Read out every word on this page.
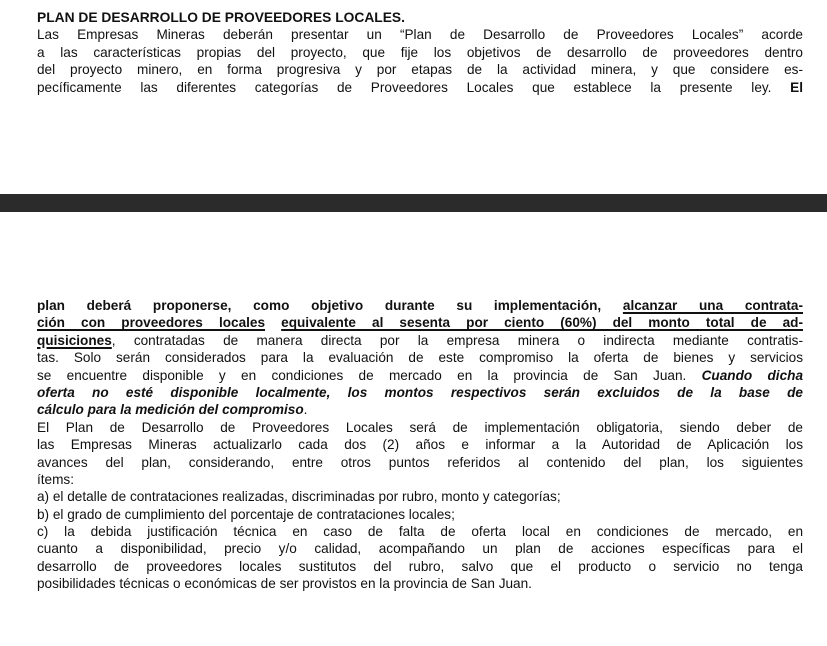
PLAN DE DESARROLLO DE PROVEEDORES LOCALES.
Las Empresas Mineras deberán presentar un “Plan de Desarrollo de Proveedores Locales” acorde
a las características propias del proyecto, que fije los objetivos de desarrollo de proveedores dentro
del proyecto minero, en forma progresiva y por etapas de la actividad minera, y que considere es-
pecíficamente las diferentes categorías de Proveedores Locales que establece la presente ley. El
plan deberá proponerse, como objetivo durante su implementación, alcanzar una contrata-
ción con proveedores locales equivalente al sesenta por ciento (60%) del monto total de ad-
quisiciones, contratadas de manera directa por la empresa minera o indirecta mediante contratis-
tas. Solo serán considerados para la evaluación de este compromiso la oferta de bienes y servicios
se encuentre disponible y en condiciones de mercado en la provincia de San Juan. Cuando dicha
oferta no esté disponible localmente, los montos respectivos serán excluidos de la base de
cálculo para la medición del compromiso.
El Plan de Desarrollo de Proveedores Locales será de implementación obligatoria, siendo deber de
las Empresas Mineras actualizarlo cada dos (2) años e informar a la Autoridad de Aplicación los
avances del plan, considerando, entre otros puntos referidos al contenido del plan, los siguientes
ítems:
a) el detalle de contrataciones realizadas, discriminadas por rubro, monto y categorías;
b) el grado de cumplimiento del porcentaje de contrataciones locales;
c) la debida justificación técnica en caso de falta de oferta local en condiciones de mercado, en
cuanto a disponibilidad, precio y/o calidad, acompañando un plan de acciones específicas para el
desarrollo de proveedores locales sustitutos del rubro, salvo que el producto o servicio no tenga
posibilidades técnicas o económicas de ser provistos en la provincia de San Juan.
